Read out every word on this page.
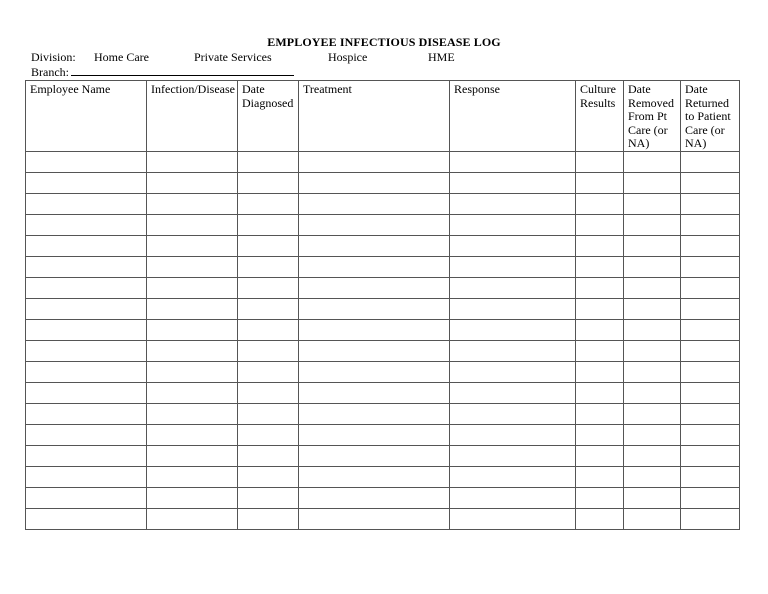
EMPLOYEE INFECTIOUS DISEASE LOG
Division: Home Care	Private Services	Hospice	HME
Branch:
Employee Name	Infection/Disease	Date Diagnosed	Treatment	Response	Culture Results	Date Removed From Pt Care (or NA)	Date Returned to Patient Care (or NA)
